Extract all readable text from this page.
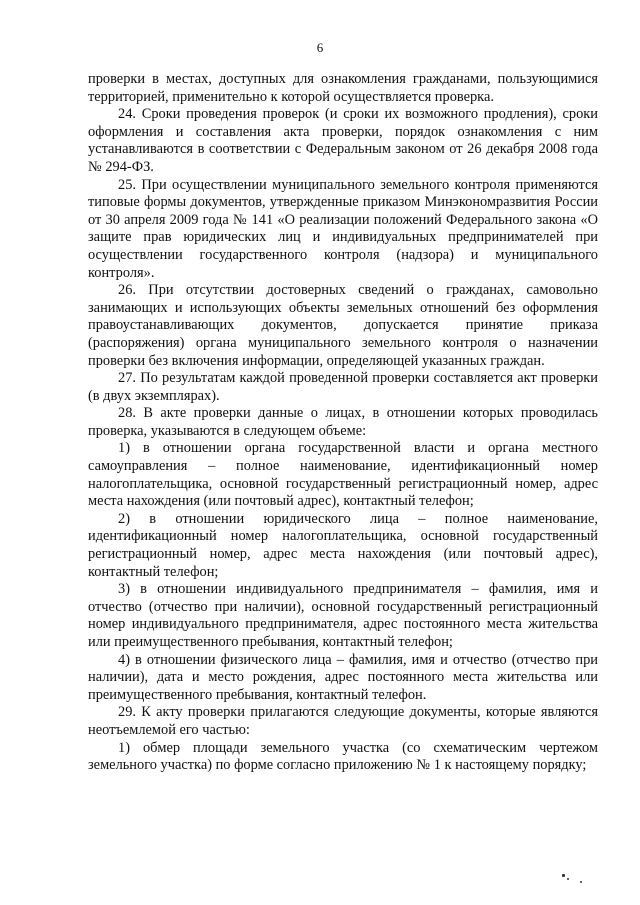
6

проверки в местах, доступных для ознакомления гражданами, пользующимися территорией, применительно к которой осуществляется проверка.

24. Сроки проведения проверок (и сроки их возможного продления), сроки оформления и составления акта проверки, порядок ознакомления с ним устанавливаются в соответствии с Федеральным законом от 26 декабря 2008 года № 294-ФЗ.

25. При осуществлении муниципального земельного контроля применяются типовые формы документов, утвержденные приказом Минэкономразвития России от 30 апреля 2009 года № 141 «О реализации положений Федерального закона «О защите прав юридических лиц и индивидуальных предпринимателей при осуществлении государственного контроля (надзора) и муниципального контроля».

26. При отсутствии достоверных сведений о гражданах, самовольно занимающих и использующих объекты земельных отношений без оформления правоустанавливающих документов, допускается принятие приказа (распоряжения) органа муниципального земельного контроля о назначении проверки без включения информации, определяющей указанных граждан.

27. По результатам каждой проведенной проверки составляется акт проверки (в двух экземплярах).

28. В акте проверки данные о лицах, в отношении которых проводилась проверка, указываются в следующем объеме:

1) в отношении органа государственной власти и органа местного самоуправления – полное наименование, идентификационный номер налогоплательщика, основной государственный регистрационный номер, адрес места нахождения (или почтовый адрес), контактный телефон;

2) в отношении юридического лица – полное наименование, идентификационный номер налогоплательщика, основной государственный регистрационный номер, адрес места нахождения (или почтовый адрес), контактный телефон;

3) в отношении индивидуального предпринимателя – фамилия, имя и отчество (отчество при наличии), основной государственный регистрационный номер индивидуального предпринимателя, адрес постоянного места жительства или преимущественного пребывания, контактный телефон;

4) в отношении физического лица – фамилия, имя и отчество (отчество при наличии), дата и место рождения, адрес постоянного места жительства или преимущественного пребывания, контактный телефон.

29. К акту проверки прилагаются следующие документы, которые являются неотъемлемой его частью:

1) обмер площади земельного участка (со схематическим чертежом земельного участка) по форме согласно приложению № 1 к настоящему порядку;
